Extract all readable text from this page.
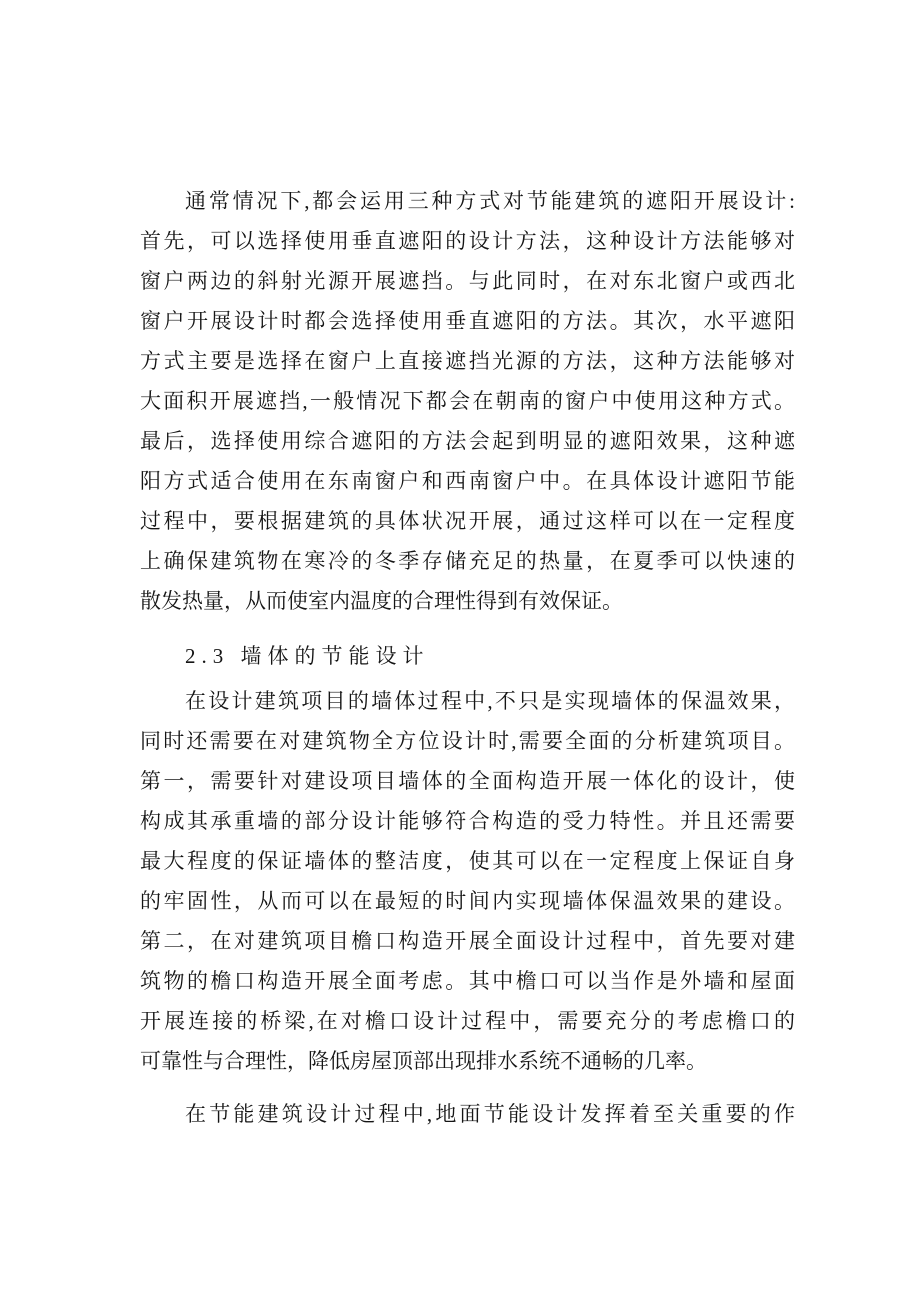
通常情况下,都会运用三种方式对节能建筑的遮阳开展设计:
首先，可以选择使用垂直遮阳的设计方法，这种设计方法能够对
窗户两边的斜射光源开展遮挡。与此同时，在对东北窗户或西北
窗户开展设计时都会选择使用垂直遮阳的方法。其次，水平遮阳
方式主要是选择在窗户上直接遮挡光源的方法，这种方法能够对
大面积开展遮挡,一般情况下都会在朝南的窗户中使用这种方式。
最后，选择使用综合遮阳的方法会起到明显的遮阳效果，这种遮
阳方式适合使用在东南窗户和西南窗户中。在具体设计遮阳节能
过程中，要根据建筑的具体状况开展，通过这样可以在一定程度
上确保建筑物在寒冷的冬季存储充足的热量，在夏季可以快速的
散发热量，从而使室内温度的合理性得到有效保证。
2.3 墙体的节能设计
在设计建筑项目的墙体过程中,不只是实现墙体的保温效果，
同时还需要在对建筑物全方位设计时,需要全面的分析建筑项目。
第一，需要针对建设项目墙体的全面构造开展一体化的设计，使
构成其承重墙的部分设计能够符合构造的受力特性。并且还需要
最大程度的保证墙体的整洁度，使其可以在一定程度上保证自身
的牢固性，从而可以在最短的时间内实现墙体保温效果的建设。
第二，在对建筑项目檐口构造开展全面设计过程中，首先要对建
筑物的檐口构造开展全面考虑。其中檐口可以当作是外墙和屋面
开展连接的桥梁,在对檐口设计过程中，需要充分的考虑檐口的
可靠性与合理性，降低房屋顶部出现排水系统不通畅的几率。
在节能建筑设计过程中,地面节能设计发挥着至关重要的作
